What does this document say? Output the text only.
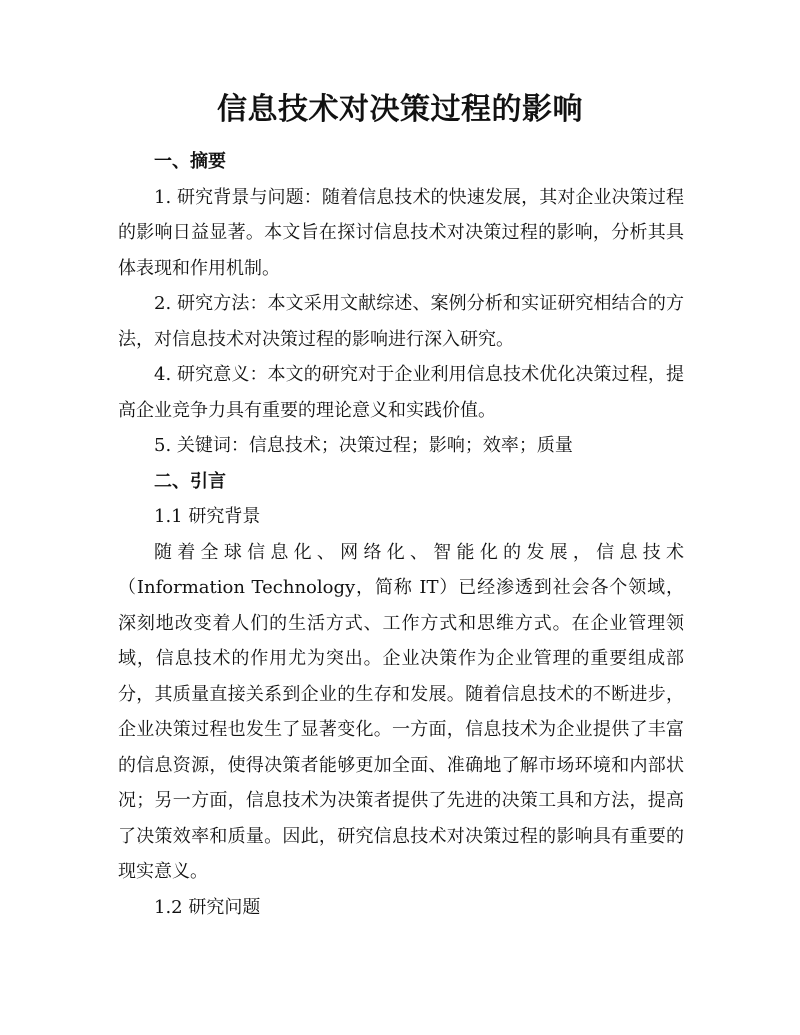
信息技术对决策过程的影响

一、摘要

1. 研究背景与问题：随着信息技术的快速发展，其对企业决策过程的影响日益显著。本文旨在探讨信息技术对决策过程的影响，分析其具体表现和作用机制。

2. 研究方法：本文采用文献综述、案例分析和实证研究相结合的方法，对信息技术对决策过程的影响进行深入研究。

4. 研究意义：本文的研究对于企业利用信息技术优化决策过程，提高企业竞争力具有重要的理论意义和实践价值。

5. 关键词：信息技术；决策过程；影响；效率；质量

二、引言

1.1 研究背景

随着全球信息化、网络化、智能化的发展，信息技术（Information Technology，简称 IT）已经渗透到社会各个领域，深刻地改变着人们的生活方式、工作方式和思维方式。在企业管理领域，信息技术的作用尤为突出。企业决策作为企业管理的重要组成部分，其质量直接关系到企业的生存和发展。随着信息技术的不断进步，企业决策过程也发生了显著变化。一方面，信息技术为企业提供了丰富的信息资源，使得决策者能够更加全面、准确地了解市场环境和内部状况；另一方面，信息技术为决策者提供了先进的决策工具和方法，提高了决策效率和质量。因此，研究信息技术对决策过程的影响具有重要的现实意义。

1.2 研究问题
